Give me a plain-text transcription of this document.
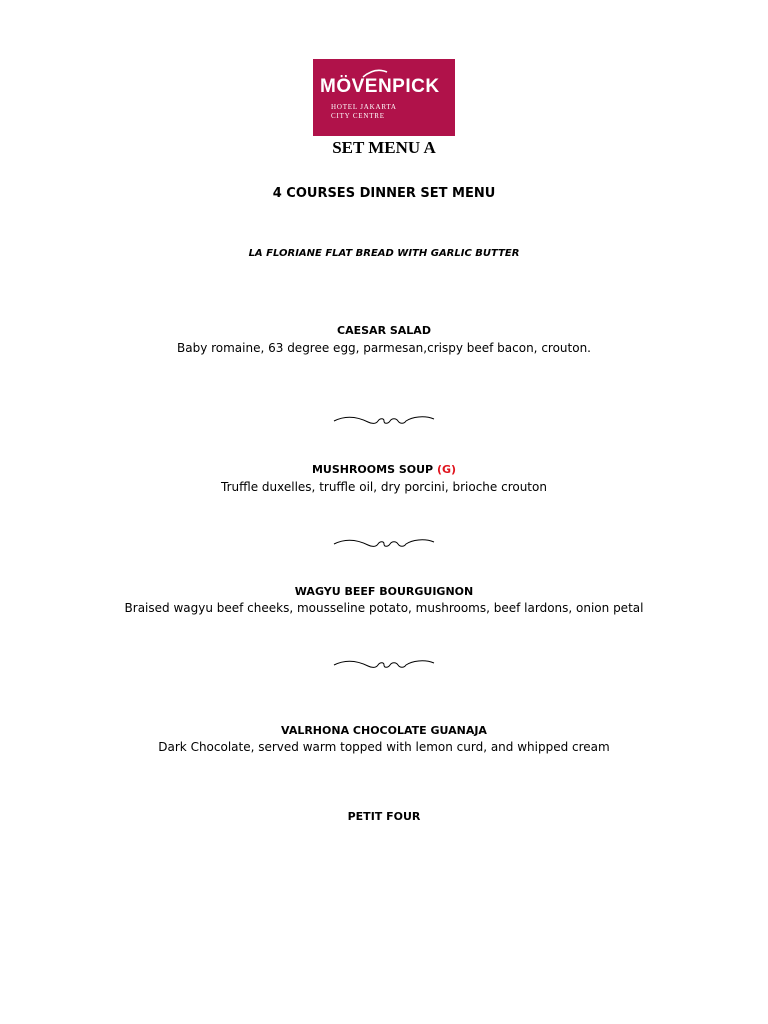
MÖVENPICK
HOTEL JAKARTA
CITY CENTRE
SET MENU A
4 COURSES DINNER SET MENU
LA FLORIANE FLAT BREAD WITH GARLIC BUTTER
CAESAR SALAD
Baby romaine, 63 degree egg, parmesan,crispy beef bacon, crouton.
MUSHROOMS SOUP (G)
Truffle duxelles, truffle oil, dry porcini, brioche crouton
WAGYU BEEF BOURGUIGNON
Braised wagyu beef cheeks, mousseline potato, mushrooms, beef lardons, onion petal
VALRHONA CHOCOLATE GUANAJA
Dark Chocolate, served warm topped with lemon curd, and whipped cream
PETIT FOUR
